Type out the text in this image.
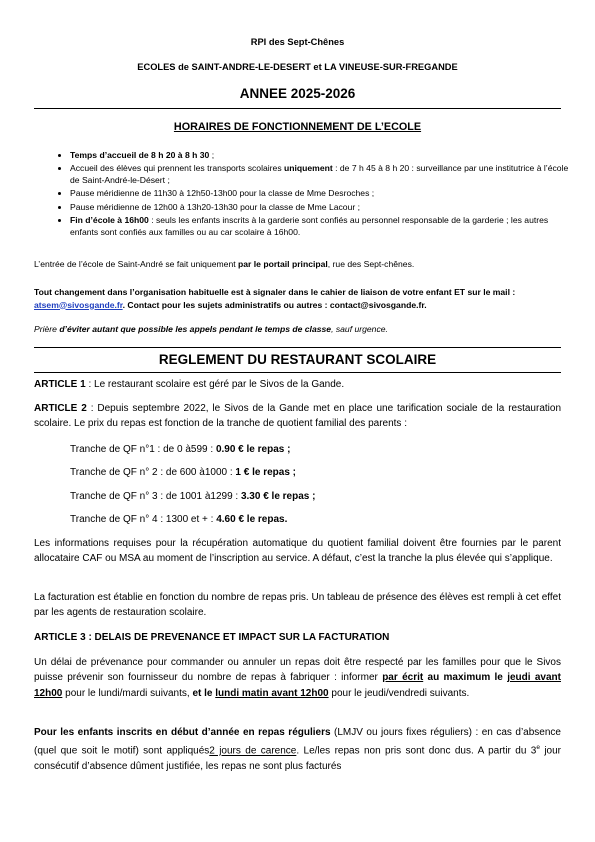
RPI des Sept-Chênes
ECOLES de SAINT-ANDRE-LE-DESERT et LA VINEUSE-SUR-FREGANDE
ANNEE 2025-2026
HORAIRES DE FONCTIONNEMENT DE L’ECOLE
• Temps d’accueil de 8 h 20 à 8 h 30 ;
• Accueil des élèves qui prennent les transports scolaires uniquement : de 7 h 45 à 8 h 20 : surveillance par une institutrice à l’école de Saint-André-le-Désert ;
• Pause méridienne de 11h30 à 12h50-13h00 pour la classe de Mme Desroches ;
• Pause méridienne de 12h00 à 13h20-13h30 pour la classe de Mme Lacour ;
• Fin d’école à 16h00 : seuls les enfants inscrits à la garderie sont confiés au personnel responsable de la garderie ; les autres enfants sont confiés aux familles ou au car scolaire à 16h00.
L’entrée de l’école de Saint-André se fait uniquement par le portail principal, rue des Sept-chênes.
Tout changement dans l’organisation habituelle est à signaler dans le cahier de liaison de votre enfant ET sur le mail : atsem@sivosgande.fr. Contact pour les sujets administratifs ou autres : contact@sivosgande.fr.
Prière d’éviter autant que possible les appels pendant le temps de classe, sauf urgence.
REGLEMENT DU RESTAURANT SCOLAIRE
ARTICLE 1 : Le restaurant scolaire est géré par le Sivos de la Gande.
ARTICLE 2 : Depuis septembre 2022, le Sivos de la Gande met en place une tarification sociale de la restauration scolaire. Le prix du repas est fonction de la tranche de quotient familial des parents :
Tranche de QF n°1 : de 0 à599 : 0.90 € le repas ;
Tranche de QF n° 2 : de 600 à1000 : 1 € le repas ;
Tranche de QF n° 3 : de 1001 à1299 : 3.30 € le repas ;
Tranche de QF n° 4 : 1300 et + : 4.60 € le repas.
Les informations requises pour la récupération automatique du quotient familial doivent être fournies par le parent allocataire CAF ou MSA au moment de l’inscription au service. A défaut, c’est la tranche la plus élevée qui s’applique.
La facturation est établie en fonction du nombre de repas pris. Un tableau de présence des élèves est rempli à cet effet par les agents de restauration scolaire.
ARTICLE 3 : DELAIS DE PREVENANCE ET IMPACT SUR LA FACTURATION
Un délai de prévenance pour commander ou annuler un repas doit être respecté par les familles pour que le Sivos puisse prévenir son fournisseur du nombre de repas à fabriquer : informer par écrit au maximum le jeudi avant 12h00 pour le lundi/mardi suivants, et le lundi matin avant 12h00 pour le jeudi/vendredi suivants.
Pour les enfants inscrits en début d’année en repas réguliers (LMJV ou jours fixes réguliers) : en cas d’absence (quel que soit le motif) sont appliqués2 jours de carence. Le/les repas non pris sont donc dus. A partir du 3e jour consécutif d’absence dûment justifiée, les repas ne sont plus facturés
